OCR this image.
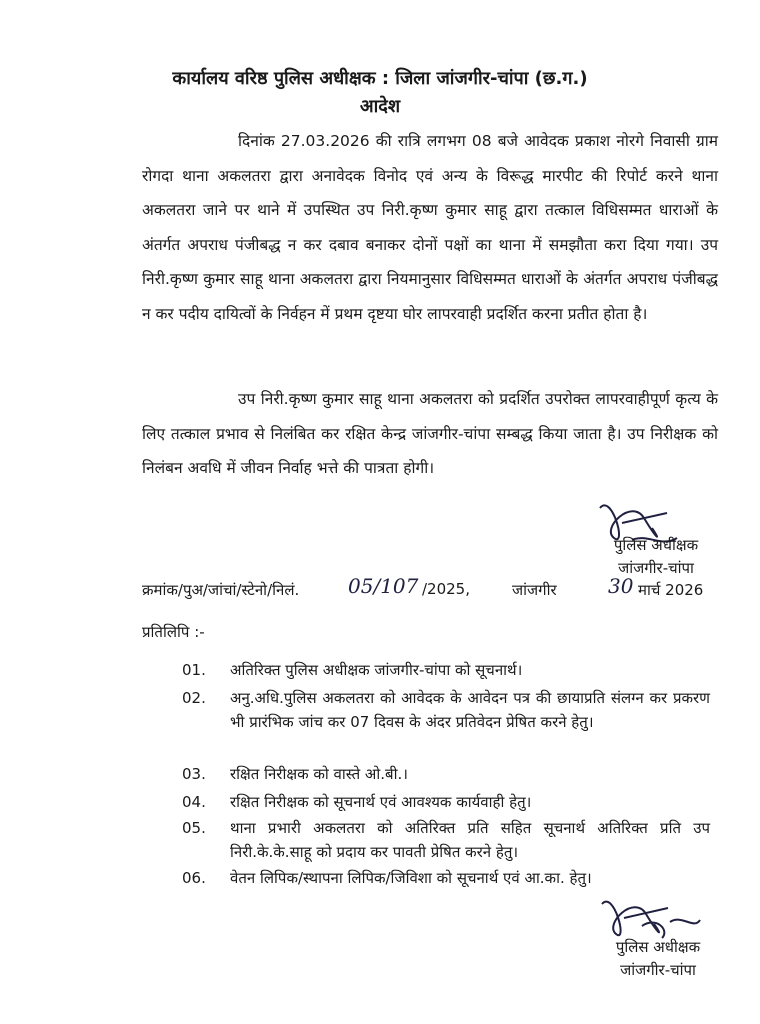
कार्यालय वरिष्ठ पुलिस अधीक्षक : जिला जांजगीर-चांपा (छ.ग.)
आदेश
दिनांक 27.03.2026 की रात्रि लगभग 08 बजे आवेदक प्रकाश नोरगे निवासी ग्राम रोगदा थाना अकलतरा द्वारा अनावेदक विनोद एवं अन्य के विरूद्ध मारपीट की रिपोर्ट करने थाना अकलतरा जाने पर थाने में उपस्थित उप निरी.कृष्ण कुमार साहू द्वारा तत्काल विधिसम्मत धाराओं के अंतर्गत अपराध पंजीबद्ध न कर दबाव बनाकर दोनों पक्षों का थाना में समझौता करा दिया गया। उप निरी.कृष्ण कुमार साहू थाना अकलतरा द्वारा नियमानुसार विधिसम्मत धाराओं के अंतर्गत अपराध पंजीबद्ध न कर पदीय दायित्वों के निर्वहन में प्रथम दृष्टया घोर लापरवाही प्रदर्शित करना प्रतीत होता है।
उप निरी.कृष्ण कुमार साहू थाना अकलतरा को प्रदर्शित उपरोक्त लापरवाहीपूर्ण कृत्य के लिए तत्काल प्रभाव से निलंबित कर रक्षित केन्द्र जांजगीर-चांपा सम्बद्ध किया जाता है। उप निरीक्षक को निलंबन अवधि में जीवन निर्वाह भत्ते की पात्रता होगी।
पुलिस अधीक्षक
जांजगीर-चांपा
क्रमांक/पुअ/जांचां/स्टेनो/निलं. 05/107 /2025,	जांजगीर	30 मार्च 2026
प्रतिलिपि :-
01.	अतिरिक्त पुलिस अधीक्षक जांजगीर-चांपा को सूचनार्थ।
02.	अनु.अधि.पुलिस अकलतरा को आवेदक के आवेदन पत्र की छायाप्रति संलग्न कर प्रकरण भी प्रारंभिक जांच कर 07 दिवस के अंदर प्रतिवेदन प्रेषित करने हेतु।
03.	रक्षित निरीक्षक को वास्ते ओ.बी.।
04.	रक्षित निरीक्षक को सूचनार्थ एवं आवश्यक कार्यवाही हेतु।
05.	थाना प्रभारी अकलतरा को अतिरिक्त प्रति सहित सूचनार्थ अतिरिक्त प्रति उप निरी.के.के.साहू को प्रदाय कर पावती प्रेषित करने हेतु।
06.	वेतन लिपिक/स्थापना लिपिक/जिविशा को सूचनार्थ एवं आ.का. हेतु।
पुलिस अधीक्षक
जांजगीर-चांपा
